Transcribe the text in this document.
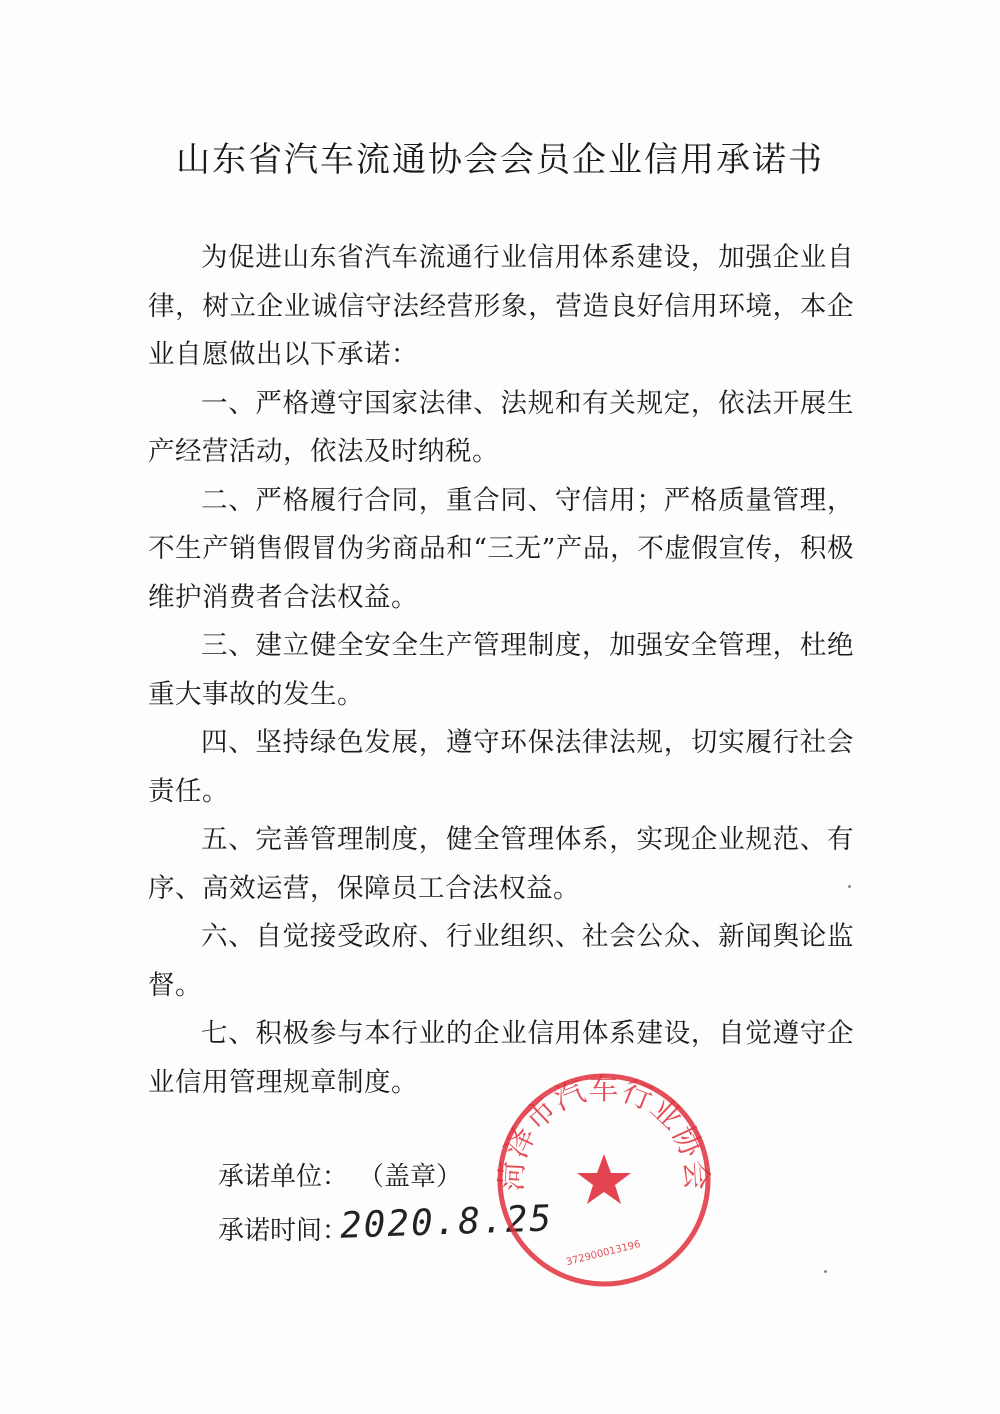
山东省汽车流通协会会员企业信用承诺书

为促进山东省汽车流通行业信用体系建设，加强企业自律，树立企业诚信守法经营形象，营造良好信用环境，本企业自愿做出以下承诺：

一、严格遵守国家法律、法规和有关规定，依法开展生产经营活动，依法及时纳税。

二、严格履行合同，重合同、守信用；严格质量管理，不生产销售假冒伪劣商品和“三无”产品，不虚假宣传，积极维护消费者合法权益。

三、建立健全安全生产管理制度，加强安全管理，杜绝重大事故的发生。

四、坚持绿色发展，遵守环保法律法规，切实履行社会责任。

五、完善管理制度，健全管理体系，实现企业规范、有序、高效运营，保障员工合法权益。

六、自觉接受政府、行业组织、社会公众、新闻舆论监督。

七、积极参与本行业的企业信用体系建设，自觉遵守企业信用管理规章制度。

承诺单位： （盖章）
承诺时间：
2020.8.25
菏泽市汽车行业协会
372900013196
